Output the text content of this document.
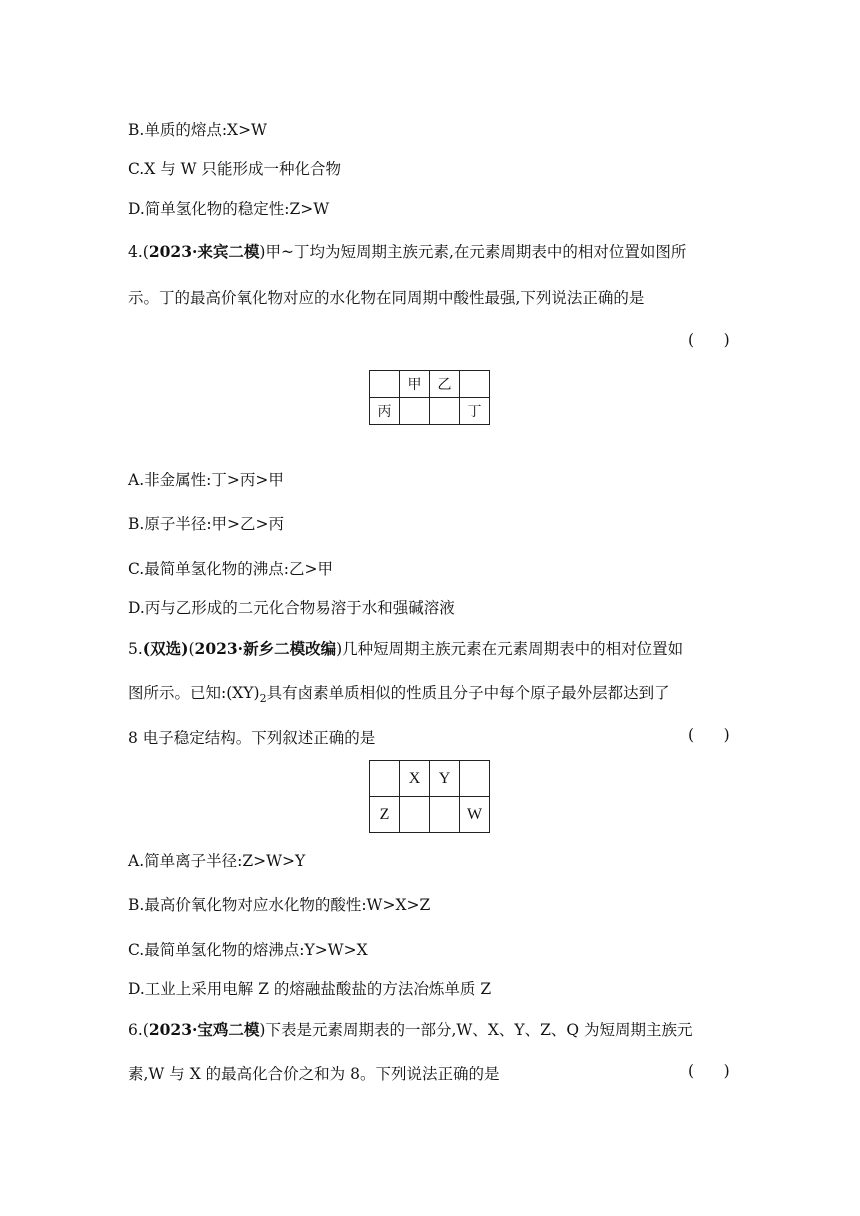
B.单质的熔点:X>W
C.X 与 W 只能形成一种化合物
D.简单氢化物的稳定性:Z>W
4.(2023·来宾二模)甲~丁均为短周期主族元素,在元素周期表中的相对位置如图所
示。丁的最高价氧化物对应的水化物在同周期中酸性最强,下列说法正确的是
(      )
	甲	乙	
丙			丁
A.非金属性:丁>丙>甲
B.原子半径:甲>乙>丙
C.最简单氢化物的沸点:乙>甲
D.丙与乙形成的二元化合物易溶于水和强碱溶液
5.(双选)(2023·新乡二模改编)几种短周期主族元素在元素周期表中的相对位置如
图所示。已知$:(XY)_2$具有卤素单质相似的性质且分子中每个原子最外层都达到了
8 电子稳定结构。下列叙述正确的是	(      )
	X	Y	
Z			W
A.简单离子半径:Z>W>Y
B.最高价氧化物对应水化物的酸性:W>X>Z
C.最简单氢化物的熔沸点:Y>W>X
D.工业上采用电解 Z 的熔融盐酸盐的方法冶炼单质 Z
6.(2023·宝鸡二模)下表是元素周期表的一部分,W、X、Y、Z、Q 为短周期主族元
素,W 与 X 的最高化合价之和为 8。下列说法正确的是	(      )
